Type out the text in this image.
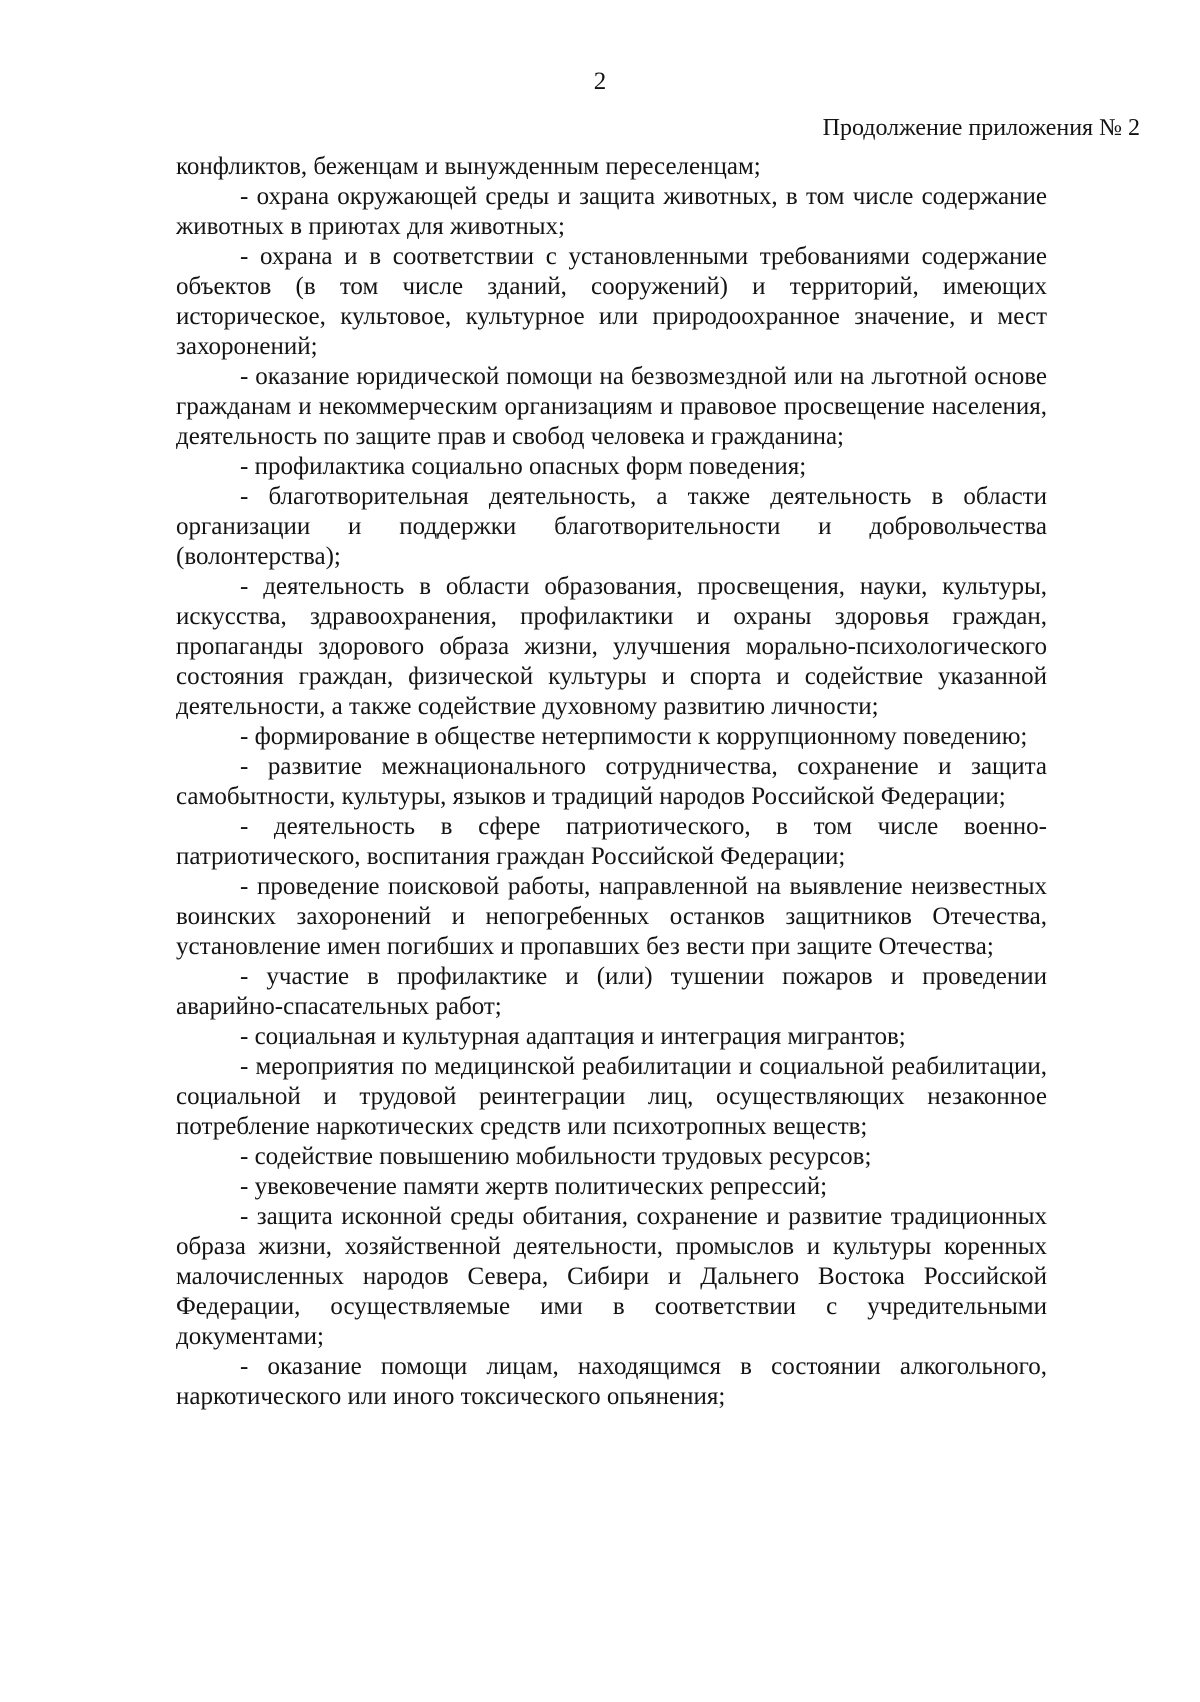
2
Продолжение приложения № 2

конфликтов, беженцам и вынужденным переселенцам;

- охрана окружающей среды и защита животных, в том числе содержание животных в приютах для животных;

- охрана и в соответствии с установленными требованиями содержание объектов (в том числе зданий, сооружений) и территорий, имеющих историческое, культовое, культурное или природоохранное значение, и мест захоронений;

- оказание юридической помощи на безвозмездной или на льготной основе гражданам и некоммерческим организациям и правовое просвещение населения, деятельность по защите прав и свобод человека и гражданина;

- профилактика социально опасных форм поведения;

- благотворительная деятельность, а также деятельность в области организации и поддержки благотворительности и добровольчества (волонтерства);

- деятельность в области образования, просвещения, науки, культуры, искусства, здравоохранения, профилактики и охраны здоровья граждан, пропаганды здорового образа жизни, улучшения морально-психологического состояния граждан, физической культуры и спорта и содействие указанной деятельности, а также содействие духовному развитию личности;

- формирование в обществе нетерпимости к коррупционному поведению;

- развитие межнационального сотрудничества, сохранение и защита самобытности, культуры, языков и традиций народов Российской Федерации;

- деятельность в сфере патриотического, в том числе военно-патриотического, воспитания граждан Российской Федерации;

- проведение поисковой работы, направленной на выявление неизвестных воинских захоронений и непогребенных останков защитников Отечества, установление имен погибших и пропавших без вести при защите Отечества;

- участие в профилактике и (или) тушении пожаров и проведении аварийно-спасательных работ;

- социальная и культурная адаптация и интеграция мигрантов;

- мероприятия по медицинской реабилитации и социальной реабилитации, социальной и трудовой реинтеграции лиц, осуществляющих незаконное потребление наркотических средств или психотропных веществ;

- содействие повышению мобильности трудовых ресурсов;

- увековечение памяти жертв политических репрессий;

- защита исконной среды обитания, сохранение и развитие традиционных образа жизни, хозяйственной деятельности, промыслов и культуры коренных малочисленных народов Севера, Сибири и Дальнего Востока Российской Федерации, осуществляемые ими в соответствии с учредительными документами;

- оказание помощи лицам, находящимся в состоянии алкогольного, наркотического или иного токсического опьянения;
